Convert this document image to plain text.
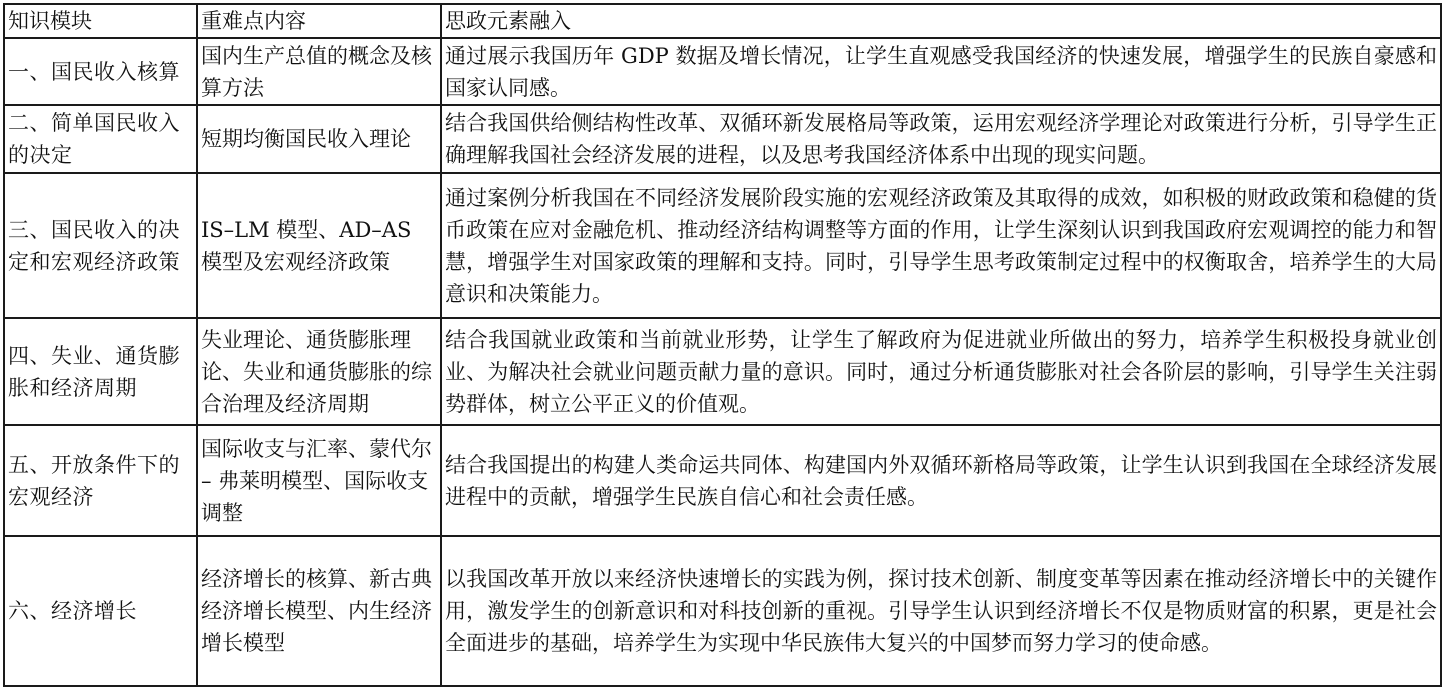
知识模块	重难点内容	思政元素融入
一、国民收入核算	国内生产总值的概念及核算方法	通过展示我国历年 GDP 数据及增长情况，让学生直观感受我国经济的快速发展，增强学生的民族自豪感和国家认同感。
二、简单国民收入的决定	短期均衡国民收入理论	结合我国供给侧结构性改革、双循环新发展格局等政策，运用宏观经济学理论对政策进行分析，引导学生正确理解我国社会经济发展的进程，以及思考我国经济体系中出现的现实问题。
三、国民收入的决定和宏观经济政策	IS–LM 模型、AD–AS 模型及宏观经济政策	通过案例分析我国在不同经济发展阶段实施的宏观经济政策及其取得的成效，如积极的财政政策和稳健的货币政策在应对金融危机、推动经济结构调整等方面的作用，让学生深刻认识到我国政府宏观调控的能力和智慧，增强学生对国家政策的理解和支持。同时，引导学生思考政策制定过程中的权衡取舍，培养学生的大局意识和决策能力。
四、失业、通货膨胀和经济周期	失业理论、通货膨胀理论、失业和通货膨胀的综合治理及经济周期	结合我国就业政策和当前就业形势，让学生了解政府为促进就业所做出的努力，培养学生积极投身就业创业、为解决社会就业问题贡献力量的意识。同时，通过分析通货膨胀对社会各阶层的影响，引导学生关注弱势群体，树立公平正义的价值观。
五、开放条件下的宏观经济	国际收支与汇率、蒙代尔 – 弗莱明模型、国际收支调整	结合我国提出的构建人类命运共同体、构建国内外双循环新格局等政策，让学生认识到我国在全球经济发展进程中的贡献，增强学生民族自信心和社会责任感。
六、经济增长	经济增长的核算、新古典经济增长模型、内生经济增长模型	以我国改革开放以来经济快速增长的实践为例，探讨技术创新、制度变革等因素在推动经济增长中的关键作用，激发学生的创新意识和对科技创新的重视。引导学生认识到经济增长不仅是物质财富的积累，更是社会全面进步的基础，培养学生为实现中华民族伟大复兴的中国梦而努力学习的使命感。
